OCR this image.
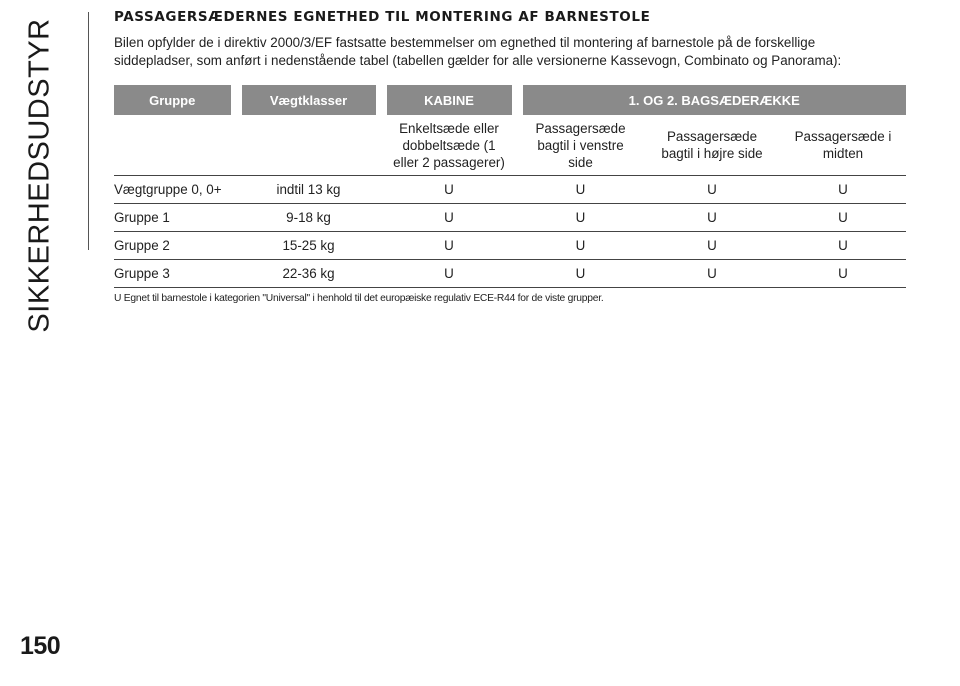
SIKKERHEDSUDSTYR
150
PASSAGERSÆDERNES EGNETHED TIL MONTERING AF BARNESTOLE

Bilen opfylder de i direktiv 2000/3/EF fastsatte bestemmelser om egnethed til montering af barnestole på de forskellige
siddepladser, som anført i nedenstående tabel (tabellen gælder for alle versionerne Kassevogn, Combinato og Panorama):

Gruppe	Vægtklasser	KABINE	1. OG 2. BAGSÆDERÆKKE		
		Enkeltsæde eller
dobbeltsæde (1
eller 2 passagerer)	Passagersæde
bagtil i venstre
side	Passagersæde
bagtil i højre side	Passagersæde i
midten
Vægtgruppe 0, 0+	indtil 13 kg	U	U	U	U
Gruppe 1	9-18 kg	U	U	U	U
Gruppe 2	15-25 kg	U	U	U	U
Gruppe 3	22-36 kg	U	U	U	U
U Egnet til barnestole i kategorien "Universal" i henhold til det europæiske regulativ ECE-R44 for de viste grupper.
